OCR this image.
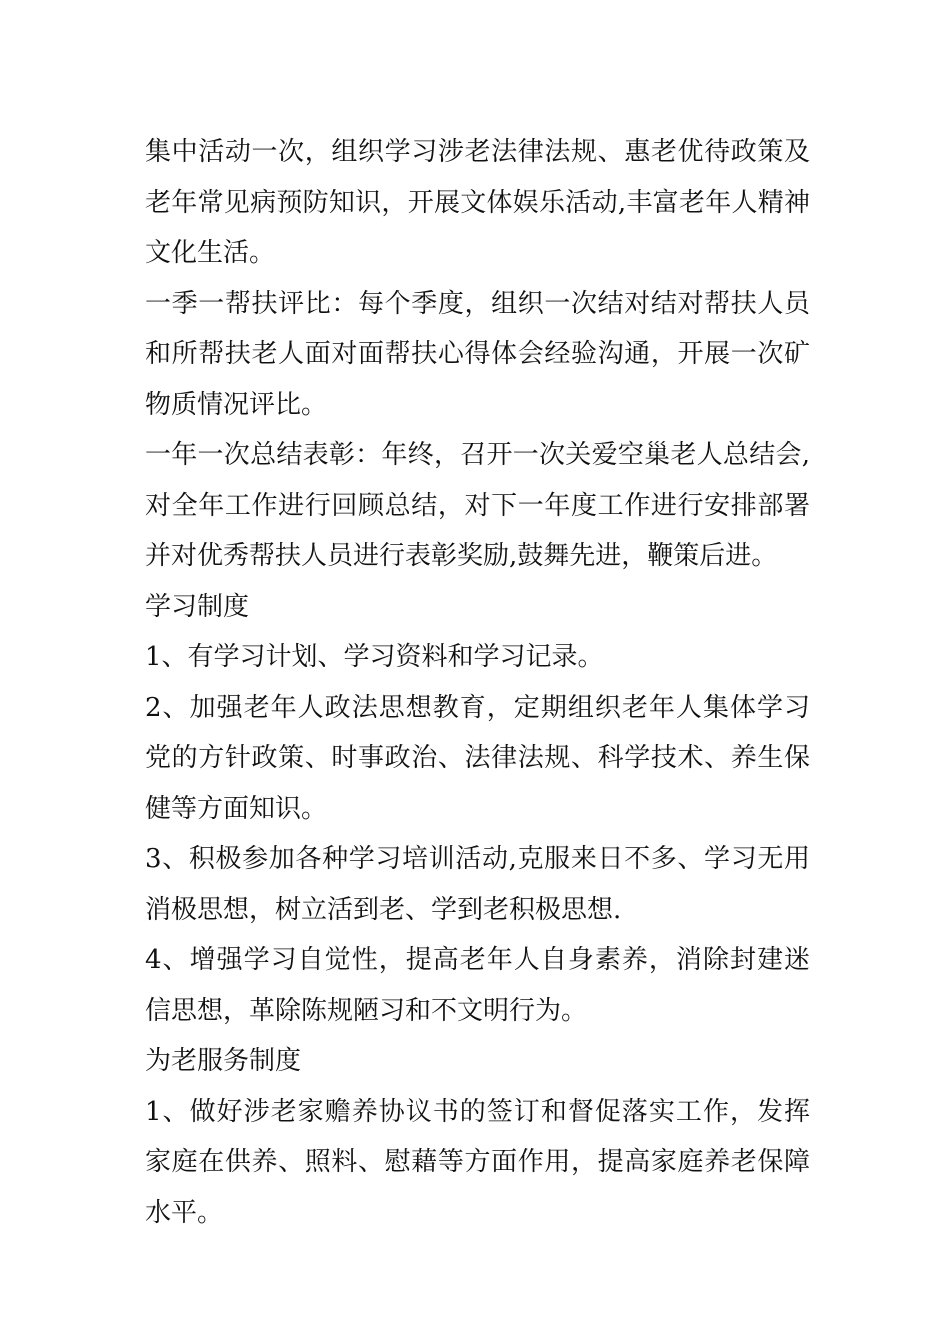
集中活动一次，组织学习涉老法律法规、惠老优待政策及老年常见病预防知识，开展文体娱乐活动,丰富老年人精神文化生活。

一季一帮扶评比：每个季度，组织一次结对结对帮扶人员和所帮扶老人面对面帮扶心得体会经验沟通，开展一次矿物质情况评比。

一年一次总结表彰：年终，召开一次关爱空巢老人总结会,对全年工作进行回顾总结，对下一年度工作进行安排部署并对优秀帮扶人员进行表彰奖励,鼓舞先进，鞭策后进。

学习制度

1、有学习计划、学习资料和学习记录。

2、加强老年人政法思想教育，定期组织老年人集体学习党的方针政策、时事政治、法律法规、科学技术、养生保健等方面知识。

3、积极参加各种学习培训活动,克服来日不多、学习无用消极思想，树立活到老、学到老积极思想.

4、增强学习自觉性，提高老年人自身素养，消除封建迷信思想，革除陈规陋习和不文明行为。

为老服务制度

1、做好涉老家赡养协议书的签订和督促落实工作，发挥家庭在供养、照料、慰藉等方面作用，提高家庭养老保障水平。
